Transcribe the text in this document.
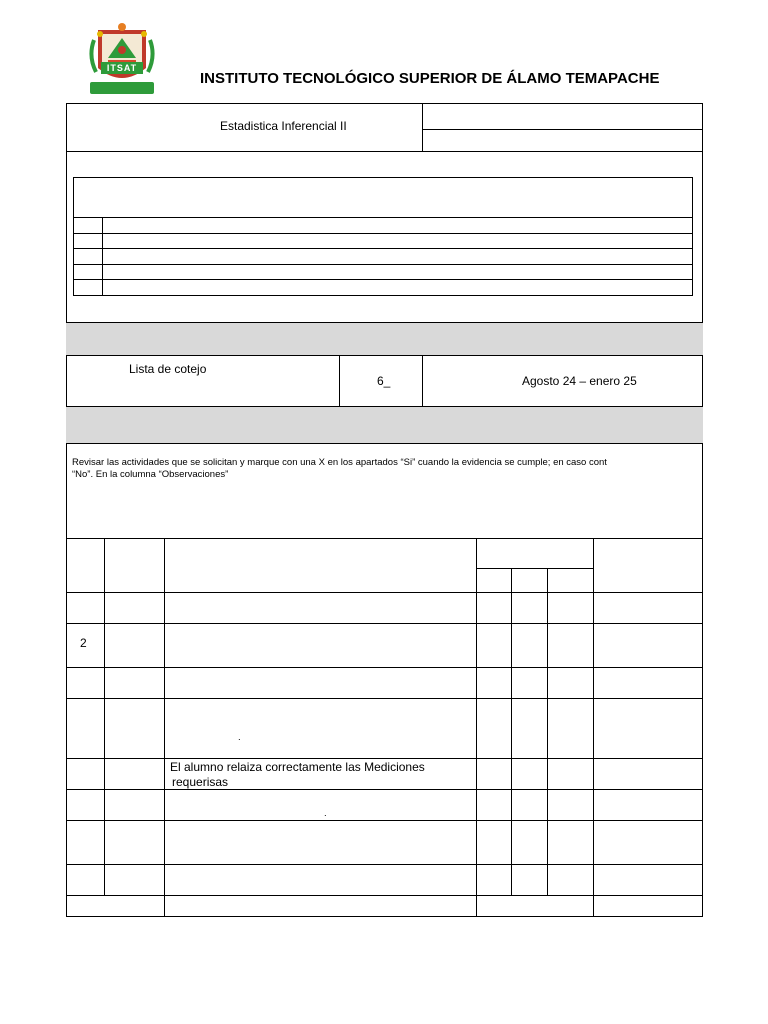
ITSAT
INSTITUTO TECNOLÓGICO SUPERIOR DE ÁLAMO TEMAPACHE
Estadistica Inferencial II
Lista de cotejo
6_	Agosto 24 – enero 25
Revisar las actividades que se solicitan y marque con una X en los apartados “Si” cuando la evidencia se cumple; en caso cont
“No”. En la columna “Observaciones”
2
.
El alumno relaiza correctamente las Mediciones
requerisas
.
